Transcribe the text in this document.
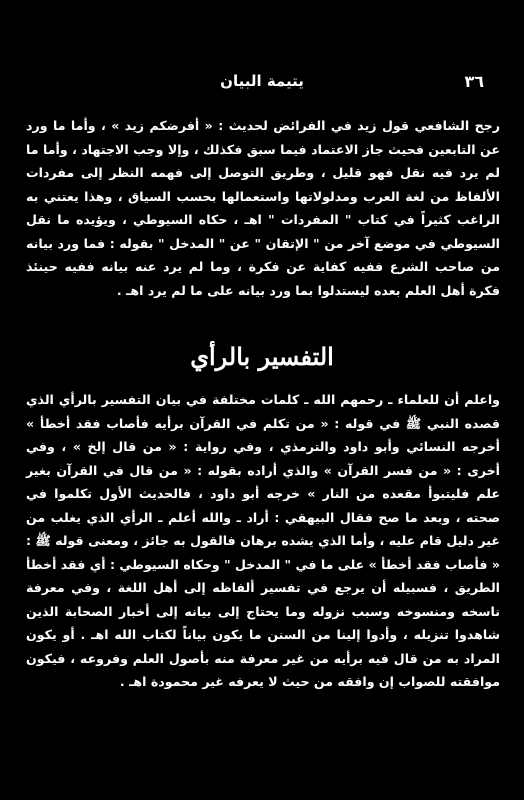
٣٦
يتيمة البيان

رجح الشافعي قول زيد في الفرائض لحديث : « أفرضكم زيد » ، وأما ما ورد عن التابعين فحيث جاز الاعتماد فيما سبق فكذلك ، وإلا وجب الاجتهاد ، وأما ما لم يرد فيه نقل فهو قليل ، وطريق التوصل إلى فهمه النظر إلى مفردات الألفاظ من لغة العرب ومدلولاتها واستعمالها بحسب السياق ، وهذا يعتني به الراغب كثيراً في كتاب " المفردات " اهـ ، حكاه السيوطي ، ويؤيده ما نقل السيوطي في موضع آخر من " الإتقان " عن " المدخل " بقوله : فما ورد بيانه من صاحب الشرع ففيه كفاية عن فكرة ، وما لم يرد عنه بيانه ففيه حينئذ فكرة أهل العلم بعده ليستدلوا بما ورد بيانه على ما لم يرد اهـ .

التفسير بالرأي

واعلم أن للعلماء ـ رحمهم الله ـ كلمات مختلفة في بيان التفسير بالرأي الذي قصده النبي ﷺ في قوله : « من تكلم في القرآن برأيه فأصاب فقد أخطأ » أخرجه النسائي وأبو داود والترمذي ، وفي رواية : « من قال إلخ » ، وفي أخرى : « من فسر القرآن » والذي أراده بقوله : « من قال في القرآن بغير علم فليتبوأ مقعده من النار » خرجه أبو داود ، فالحديث الأول تكلموا في صحته ، وبعد ما صح فقال البيهقي : أراد ـ والله أعلم ـ الرأي الذي يغلب من غير دليل قام عليه ، وأما الذي يشده برهان فالقول به جائز ، ومعنى قوله ﷺ : « فأصاب فقد أخطأ » على ما في " المدخل " وحكاه السيوطي : أي فقد أخطأ الطريق ، فسبيله أن يرجع في تفسير ألفاظه إلى أهل اللغة ، وفي معرفة ناسخه ومنسوخه وسبب نزوله وما يحتاج إلى بيانه إلى أخبار الصحابة الذين شاهدوا تنزيله ، وأدوا إلينا من السنن ما يكون بياناً لكتاب الله اهـ . أو يكون المراد به من قال فيه برأيه من غير معرفة منه بأصول العلم وفروعه ، فيكون موافقته للصواب إن وافقه من حيث لا يعرفه غير محمودة اهـ .
